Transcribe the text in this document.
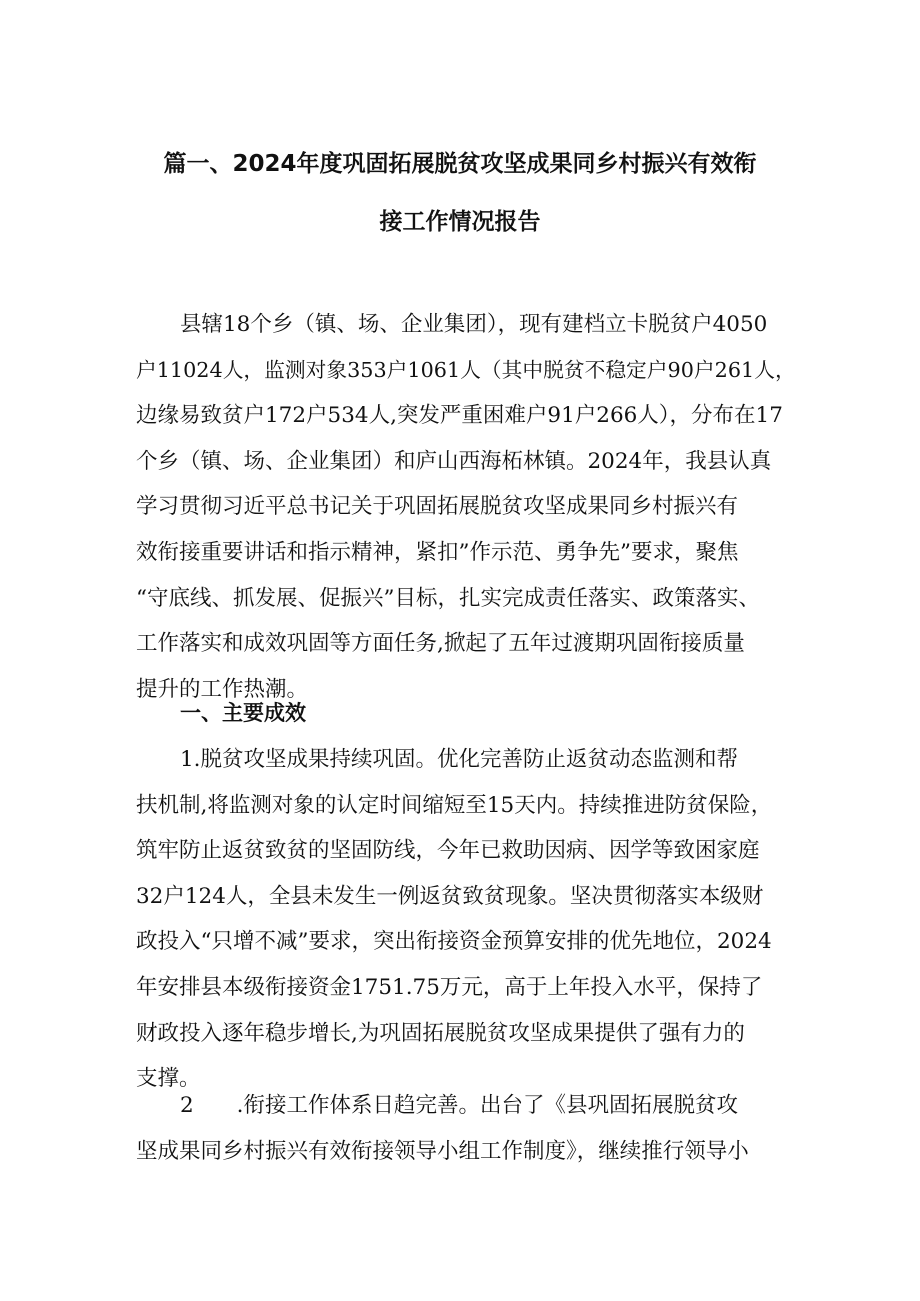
篇一、2024年度巩固拓展脱贫攻坚成果同乡村振兴有效衔
接工作情况报告
县辖18个乡（镇、场、企业集团），现有建档立卡脱贫户4050
户11024人，监测对象353户1061人（其中脱贫不稳定户90户261人，
边缘易致贫户172户534人,突发严重困难户91户266人），分布在17
个乡（镇、场、企业集团）和庐山西海柘林镇。2024年，我县认真
学习贯彻习近平总书记关于巩固拓展脱贫攻坚成果同乡村振兴有
效衔接重要讲话和指示精神，紧扣”作示范、勇争先”要求，聚焦
“守底线、抓发展、促振兴”目标，扎实完成责任落实、政策落实、
工作落实和成效巩固等方面任务,掀起了五年过渡期巩固衔接质量
提升的工作热潮。
一、主要成效
1.脱贫攻坚成果持续巩固。优化完善防止返贫动态监测和帮
扶机制,将监测对象的认定时间缩短至15天内。持续推进防贫保险，
筑牢防止返贫致贫的坚固防线，今年已救助因病、因学等致困家庭
32户124人，全县未发生一例返贫致贫现象。坚决贯彻落实本级财
政投入“只增不减”要求，突出衔接资金预算安排的优先地位，2024
年安排县本级衔接资金1751.75万元，高于上年投入水平，保持了
财政投入逐年稳步增长,为巩固拓展脱贫攻坚成果提供了强有力的
支撑。
2　　.衔接工作体系日趋完善。出台了《县巩固拓展脱贫攻
坚成果同乡村振兴有效衔接领导小组工作制度》，继续推行领导小
